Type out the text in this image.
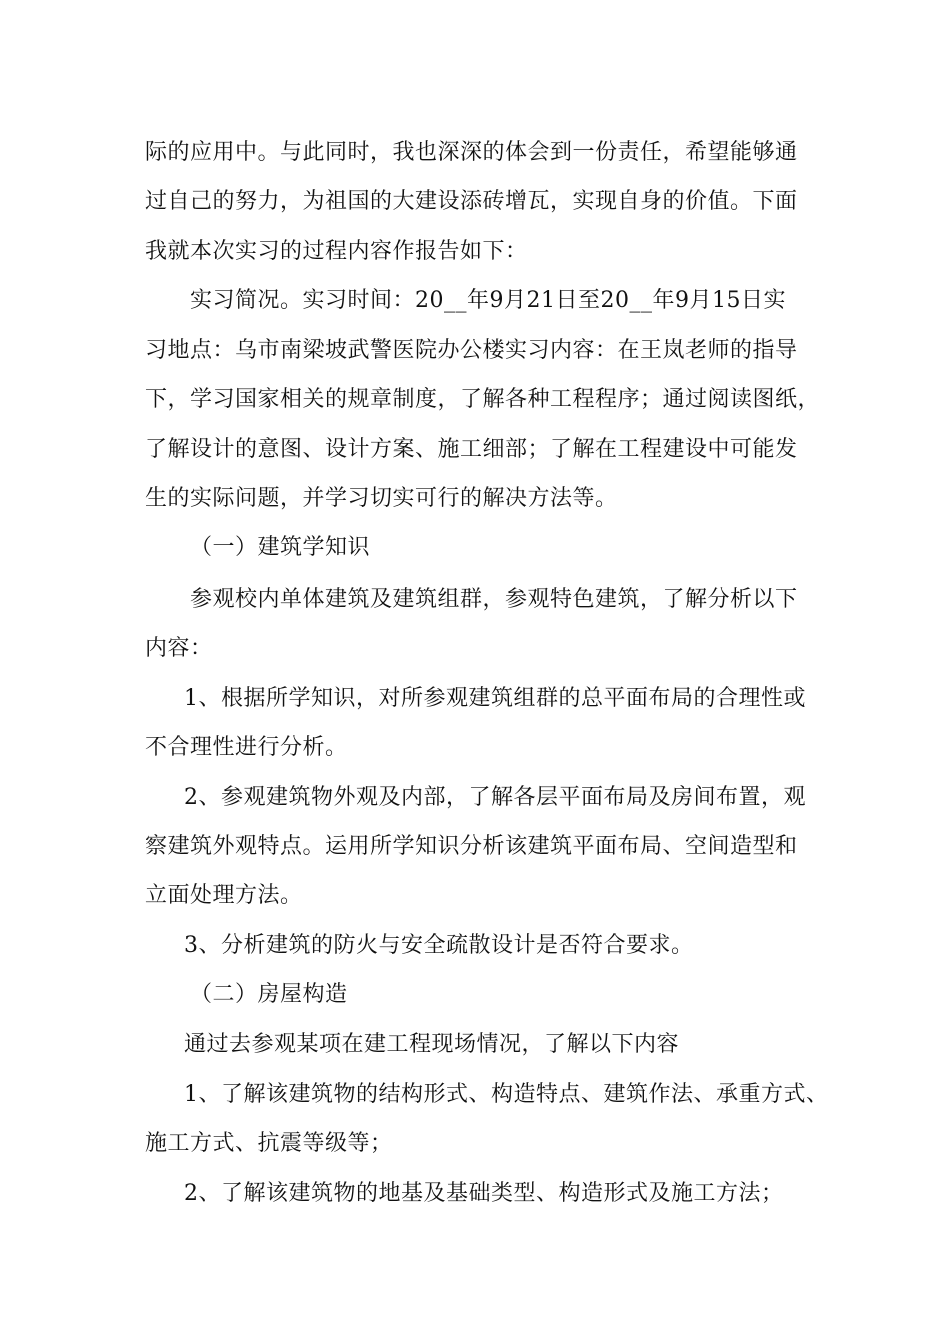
际的应用中。与此同时，我也深深的体会到一份责任，希望能够通
过自己的努力，为祖国的大建设添砖增瓦，实现自身的价值。下面
我就本次实习的过程内容作报告如下：
实习简况。实习时间：20__年9月21日至20__年9月15日实
习地点：乌市南梁坡武警医院办公楼实习内容：在王岚老师的指导
下，学习国家相关的规章制度，了解各种工程程序；通过阅读图纸，
了解设计的意图、设计方案、施工细部；了解在工程建设中可能发
生的实际问题，并学习切实可行的解决方法等。
（一）建筑学知识
参观校内单体建筑及建筑组群，参观特色建筑，了解分析以下
内容：
1、根据所学知识，对所参观建筑组群的总平面布局的合理性或
不合理性进行分析。
2、参观建筑物外观及内部，了解各层平面布局及房间布置，观
察建筑外观特点。运用所学知识分析该建筑平面布局、空间造型和
立面处理方法。
3、分析建筑的防火与安全疏散设计是否符合要求。
（二）房屋构造
通过去参观某项在建工程现场情况，了解以下内容
1、了解该建筑物的结构形式、构造特点、建筑作法、承重方式、
施工方式、抗震等级等；
2、了解该建筑物的地基及基础类型、构造形式及施工方法；
